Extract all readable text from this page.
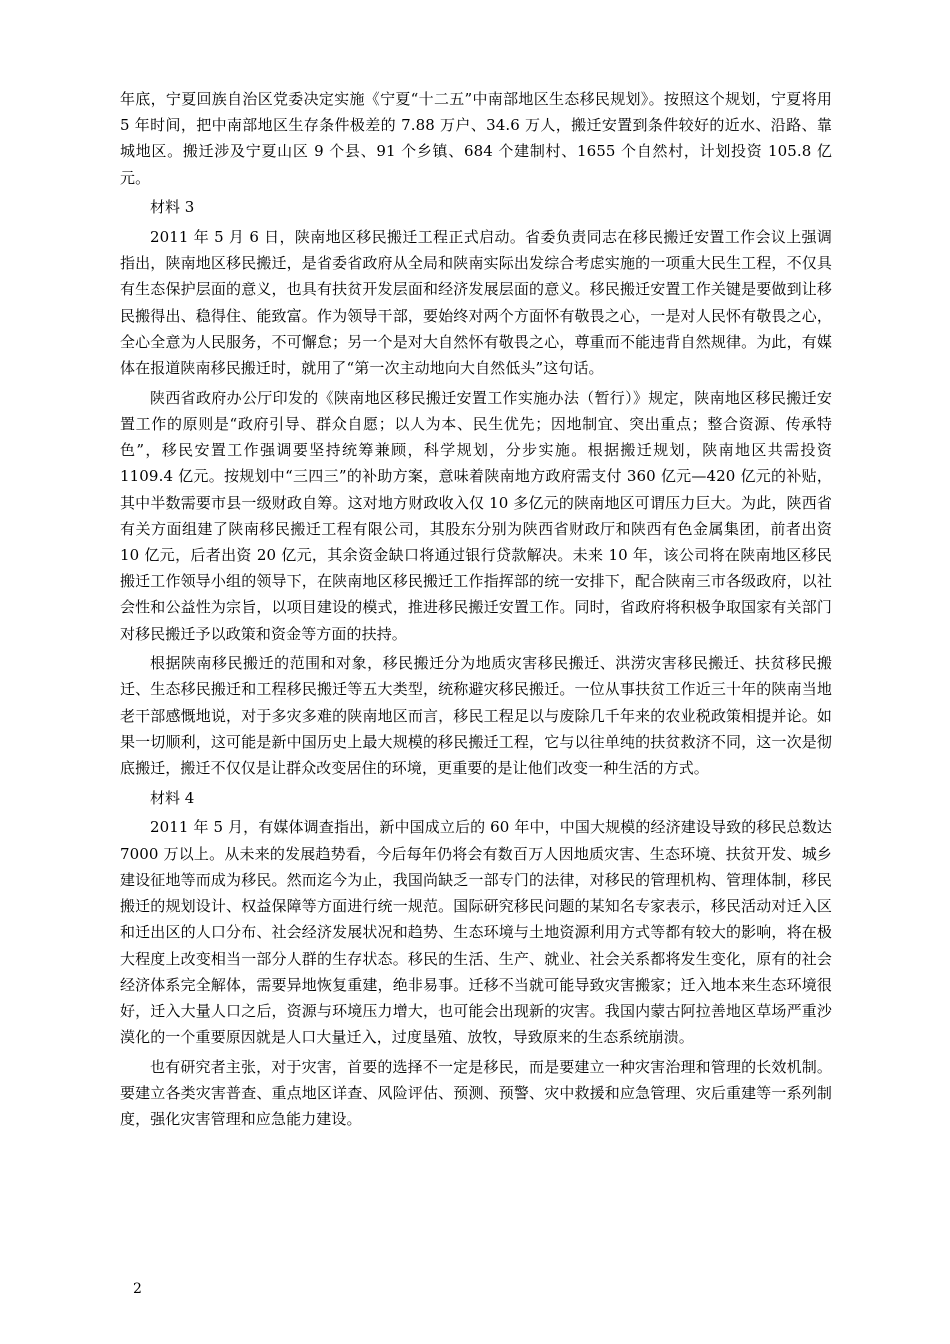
年底，宁夏回族自治区党委决定实施《宁夏“十二五”中南部地区生态移民规划》。按照这个规划，宁夏将用 5 年时间，把中南部地区生存条件极差的 7.88 万户、34.6 万人，搬迁安置到条件较好的近水、沿路、靠城地区。搬迁涉及宁夏山区 9 个县、91 个乡镇、684 个建制村、1655 个自然村，计划投资 105.8 亿元。

材料 3

2011 年 5 月 6 日，陕南地区移民搬迁工程正式启动。省委负责同志在移民搬迁安置工作会议上强调指出，陕南地区移民搬迁，是省委省政府从全局和陕南实际出发综合考虑实施的一项重大民生工程，不仅具有生态保护层面的意义，也具有扶贫开发层面和经济发展层面的意义。移民搬迁安置工作关键是要做到让移民搬得出、稳得住、能致富。作为领导干部，要始终对两个方面怀有敬畏之心，一是对人民怀有敬畏之心，全心全意为人民服务，不可懈怠；另一个是对大自然怀有敬畏之心，尊重而不能违背自然规律。为此，有媒体在报道陕南移民搬迁时，就用了“第一次主动地向大自然低头”这句话。

陕西省政府办公厅印发的《陕南地区移民搬迁安置工作实施办法（暂行）》规定，陕南地区移民搬迁安置工作的原则是“政府引导、群众自愿；以人为本、民生优先；因地制宜、突出重点；整合资源、传承特色”，移民安置工作强调要坚持统筹兼顾，科学规划，分步实施。根据搬迁规划，陕南地区共需投资 1109.4 亿元。按规划中“三四三”的补助方案，意味着陕南地方政府需支付 360 亿元—420 亿元的补贴，其中半数需要市县一级财政自筹。这对地方财政收入仅 10 多亿元的陕南地区可谓压力巨大。为此，陕西省有关方面组建了陕南移民搬迁工程有限公司，其股东分别为陕西省财政厅和陕西有色金属集团，前者出资 10 亿元，后者出资 20 亿元，其余资金缺口将通过银行贷款解决。未来 10 年，该公司将在陕南地区移民搬迁工作领导小组的领导下，在陕南地区移民搬迁工作指挥部的统一安排下，配合陕南三市各级政府，以社会性和公益性为宗旨，以项目建设的模式，推进移民搬迁安置工作。同时，省政府将积极争取国家有关部门对移民搬迁予以政策和资金等方面的扶持。

根据陕南移民搬迁的范围和对象，移民搬迁分为地质灾害移民搬迁、洪涝灾害移民搬迁、扶贫移民搬迁、生态移民搬迁和工程移民搬迁等五大类型，统称避灾移民搬迁。一位从事扶贫工作近三十年的陕南当地老干部感慨地说，对于多灾多难的陕南地区而言，移民工程足以与废除几千年来的农业税政策相提并论。如果一切顺利，这可能是新中国历史上最大规模的移民搬迁工程，它与以往单纯的扶贫救济不同，这一次是彻底搬迁，搬迁不仅仅是让群众改变居住的环境，更重要的是让他们改变一种生活的方式。

材料 4

2011 年 5 月，有媒体调查指出，新中国成立后的 60 年中，中国大规模的经济建设导致的移民总数达 7000 万以上。从未来的发展趋势看，今后每年仍将会有数百万人因地质灾害、生态环境、扶贫开发、城乡建设征地等而成为移民。然而迄今为止，我国尚缺乏一部专门的法律，对移民的管理机构、管理体制，移民搬迁的规划设计、权益保障等方面进行统一规范。国际研究移民问题的某知名专家表示，移民活动对迁入区和迁出区的人口分布、社会经济发展状况和趋势、生态环境与土地资源利用方式等都有较大的影响，将在极大程度上改变相当一部分人群的生存状态。移民的生活、生产、就业、社会关系都将发生变化，原有的社会经济体系完全解体，需要异地恢复重建，绝非易事。迁移不当就可能导致灾害搬家；迁入地本来生态环境很好，迁入大量人口之后，资源与环境压力增大，也可能会出现新的灾害。我国内蒙古阿拉善地区草场严重沙漠化的一个重要原因就是人口大量迁入，过度垦殖、放牧，导致原来的生态系统崩溃。

也有研究者主张，对于灾害，首要的选择不一定是移民，而是要建立一种灾害治理和管理的长效机制。要建立各类灾害普查、重点地区详查、风险评估、预测、预警、灾中救援和应急管理、灾后重建等一系列制度，强化灾害管理和应急能力建设。

2
